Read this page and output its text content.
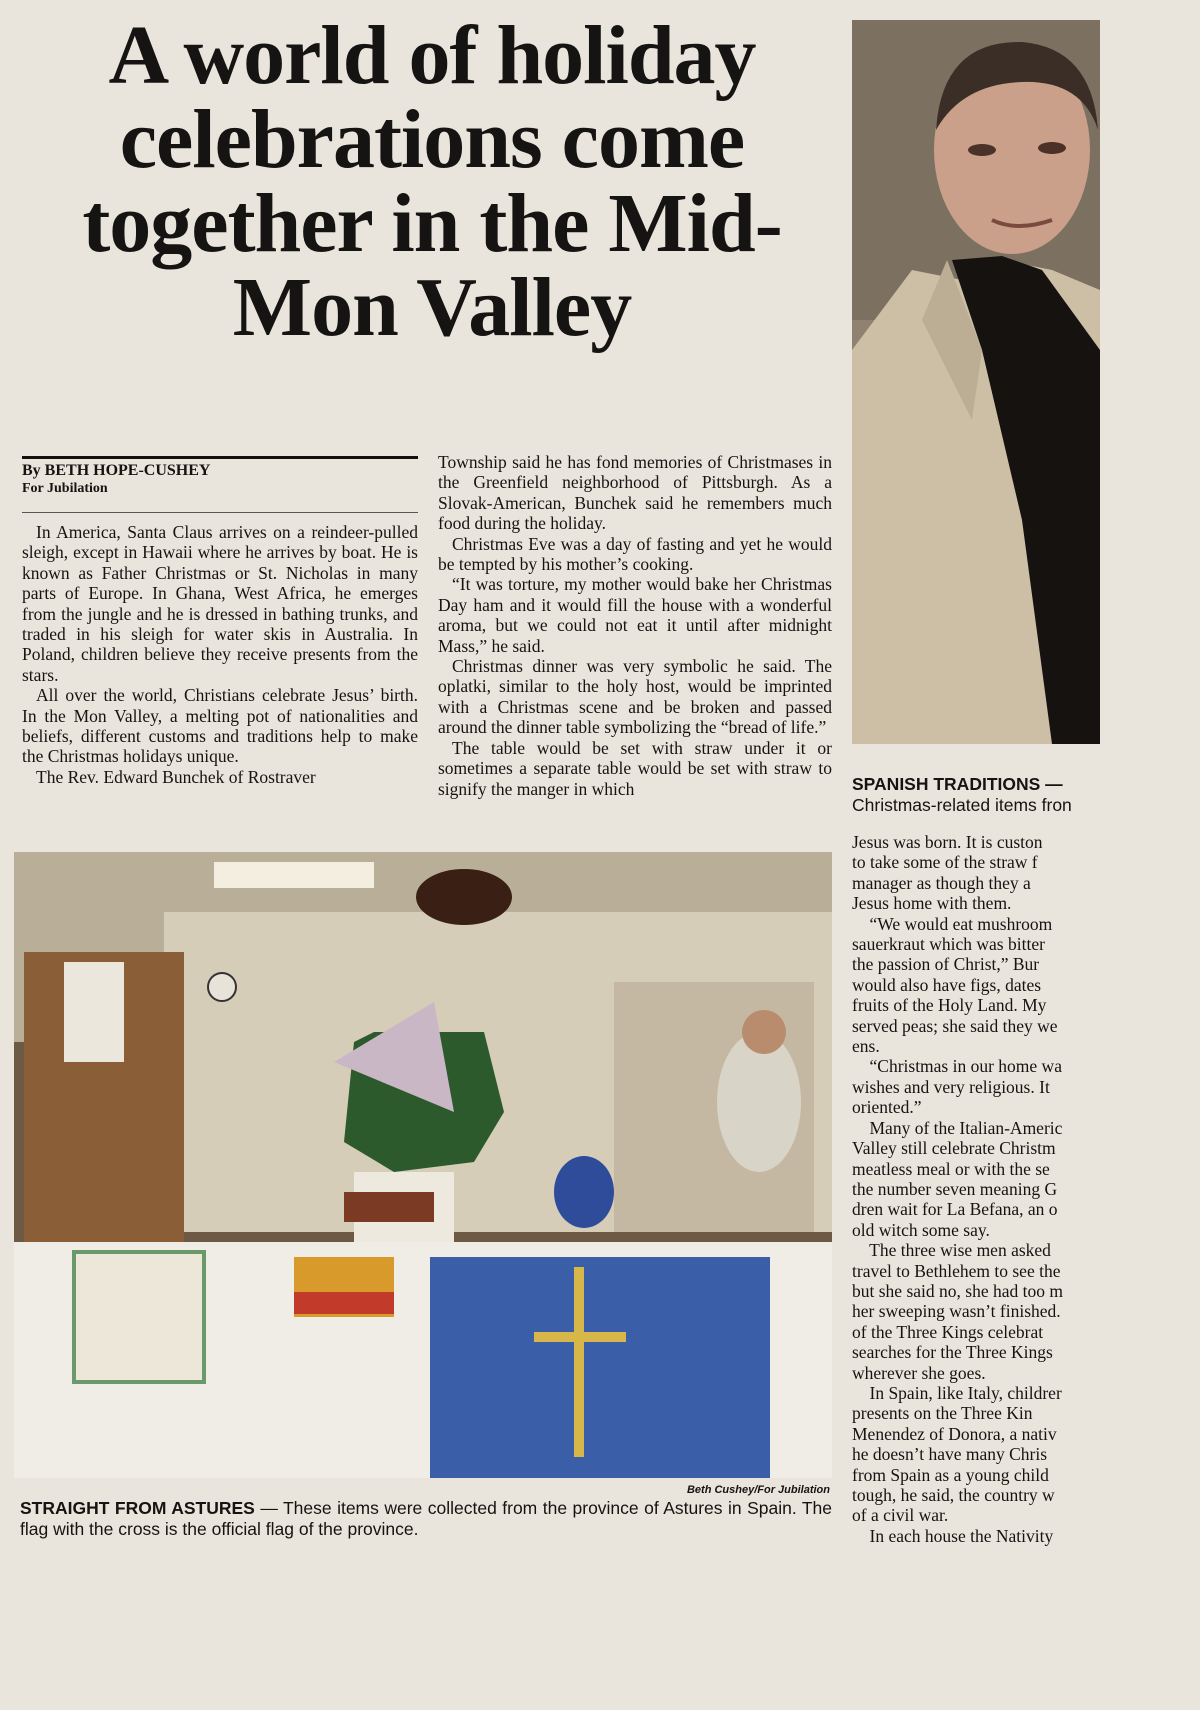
A world of holiday celebrations come together in the Mid-Mon Valley
By BETH HOPE-CUSHEY
For Jubilation

In America, Santa Claus arrives on a reindeer-pulled sleigh, except in Hawaii where he arrives by boat. He is known as Father Christmas or St. Nicholas in many parts of Europe. In Ghana, West Africa, he emerges from the jungle and he is dressed in bathing trunks, and traded in his sleigh for water skis in Australia. In Poland, children believe they receive presents from the stars.

All over the world, Christians celebrate Jesus’ birth. In the Mon Valley, a melting pot of nationalities and beliefs, different customs and traditions help to make the Christmas holidays unique.

The Rev. Edward Bunchek of Rostraver

Township said he has fond memories of Christmases in the Greenfield neighborhood of Pittsburgh. As a Slovak-American, Bunchek said he remembers much food during the holiday.

Christmas Eve was a day of fasting and yet he would be tempted by his mother’s cooking.

“It was torture, my mother would bake her Christmas Day ham and it would fill the house with a wonderful aroma, but we could not eat it until after midnight Mass,” he said.

Christmas dinner was very symbolic he said. The oplatki, similar to the holy host, would be imprinted with a Christmas scene and be broken and passed around the dinner table symbolizing the “bread of life.”

The table would be set with straw under it or sometimes a separate table would be set with straw to signify the manger in which	SPANISH TRADITIONS —
Christmas-related items fron
Jesus was born. It is custon
to take some of the straw f
manager as though they a
Jesus home with them.
“We would eat mushroom
sauerkraut which was bitter
the passion of Christ,” Bur
would also have figs, dates
fruits of the Holy Land. My
served peas; she said they we
ens.
“Christmas in our home wa
wishes and very religious. It
oriented.”
Many of the Italian-Americ
Valley still celebrate Christm
meatless meal or with the se
the number seven meaning G
dren wait for La Befana, an o
old witch some say.
The three wise men asked
travel to Bethlehem to see the
but she said no, she had too m
her sweeping wasn’t finished.
of the Three Kings celebrat
searches for the Three Kings
wherever she goes.
In Spain, like Italy, childrer
presents on the Three Kin
Menendez of Donora, a nativ
he doesn’t have many Chris
from Spain as a young child
tough, he said, the country w
of a civil war.
In each house the Nativity
Beth Cushey/For Jubilation
STRAIGHT FROM ASTURES — These items were collected from the province of Astures in Spain. The flag with the cross is the official flag of the province.
